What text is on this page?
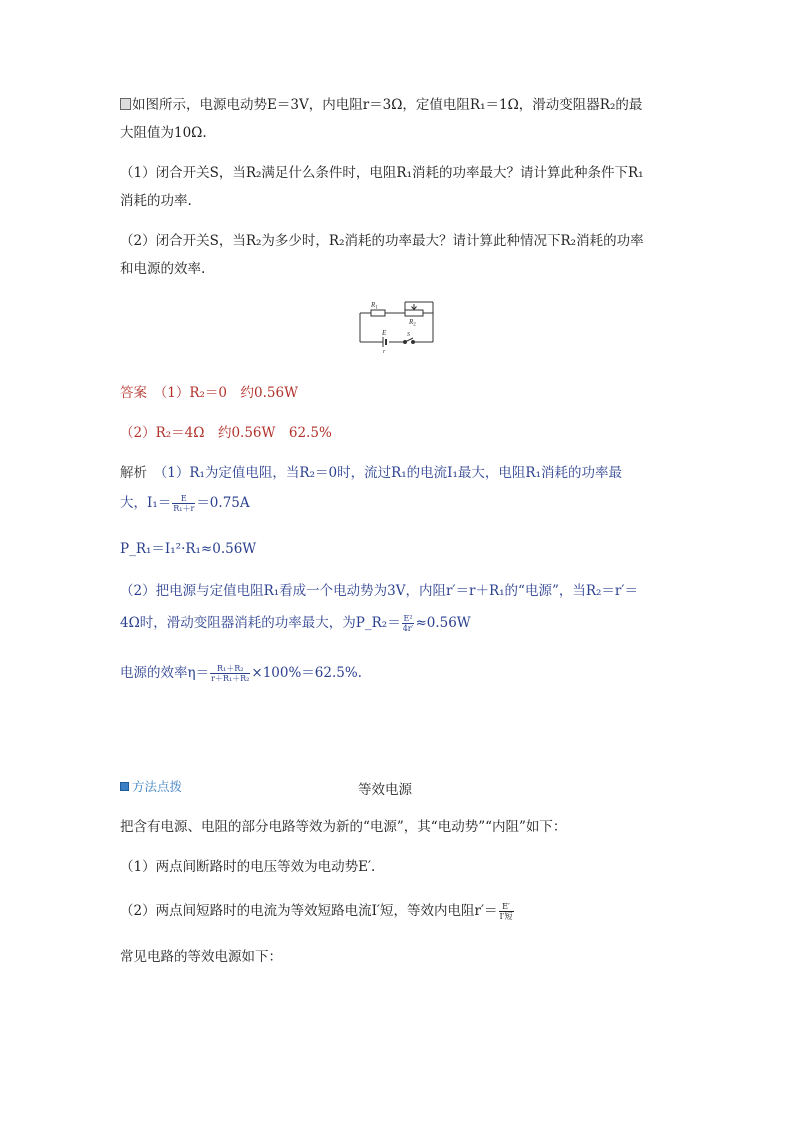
如图所示，电源电动势E＝3V，内电阻r＝3Ω，定值电阻R₁＝1Ω，滑动变阻器R₂的最
大阻值为10Ω.
（1）闭合开关S，当R₂满足什么条件时，电阻R₁消耗的功率最大？请计算此种条件下R₁
消耗的功率.
（2）闭合开关S，当R₂为多少时，R₂消耗的功率最大？请计算此种情况下R₂消耗的功率
和电源的效率.
$R_1$
$R_2$
E
r
S
答案　 （1）R₂＝0　约0.56W
（2）R₂＝4Ω　约0.56W　62.5%
解析　 （1）R₁为定值电阻，当R₂＝0时，流过R₁的电流I₁最大，电阻R₁消耗的功率最
大，$I_1= \frac{E}{\text{R₁＋r}} =0.75A$
P_R₁＝I₁²·R₁≈0.56W
（2）把电源与定值电阻R₁看成一个电动势为3V，内阻r′＝r＋R₁的“电源”，当R₂＝r′＝
4Ω时，滑动变阻器消耗的功率最大，为P_R₂＝ $\frac{\text{E²}}{4r'} \approx 0.56W$
电源的效率$\eta= \frac{\text{R₁＋R₂}}{\text{r＋R₁＋R₂}} \times 100\%=62.5\%$.
方法点拨	等效电源
把含有电源、电阻的部分电路等效为新的“电源”，其“电动势”“内阻”如下：
（1）两点间断路时的电压等效为电动势E′.
（2）两点间短路时的电流为等效短路电流I′短，等效内电阻$r'= \frac{E'}{\text{I′短}}$
常见电路的等效电源如下：
